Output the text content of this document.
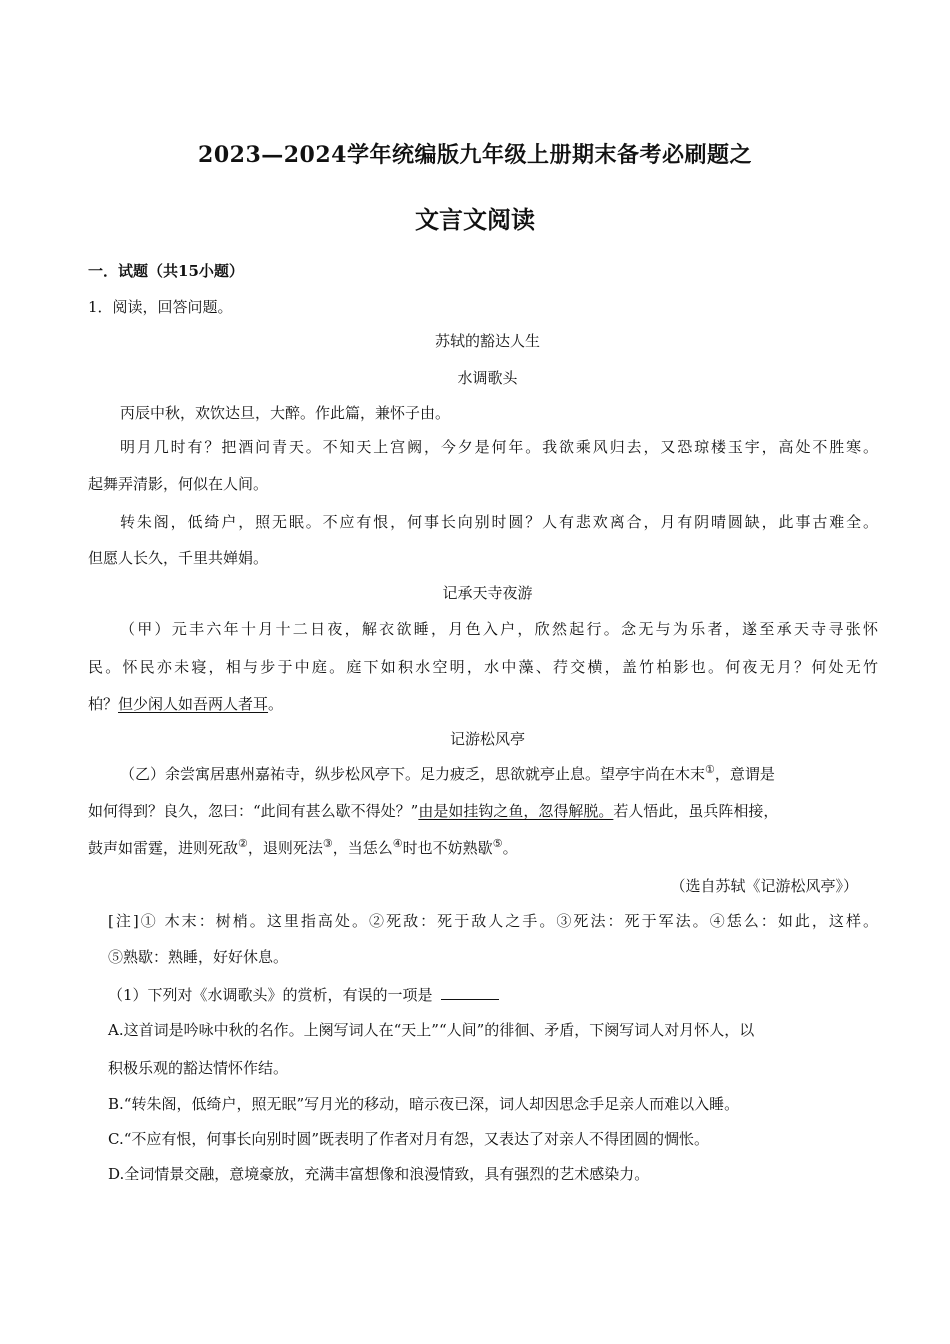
2023—2024学年统编版九年级上册期末备考必刷题之
文言文阅读
一．试题（共15小题）
1．阅读，回答问题。
苏轼的豁达人生
水调歌头
丙辰中秋，欢饮达旦，大醉。作此篇，兼怀子由。
明月几时有？把酒问青天。不知天上宫阙，今夕是何年。我欲乘风归去，又恐琼楼玉宇，高处不胜寒。
起舞弄清影，何似在人间。
转朱阁，低绮户，照无眠。不应有恨，何事长向别时圆？人有悲欢离合，月有阴晴圆缺，此事古难全。
但愿人长久，千里共婵娟。
记承天寺夜游
（甲）元丰六年十月十二日夜，解衣欲睡，月色入户，欣然起行。念无与为乐者，遂至承天寺寻张怀
民。怀民亦未寝，相与步于中庭。庭下如积水空明，水中藻、荇交横，盖竹柏影也。何夜无月？何处无竹
柏？但少闲人如吾两人者耳。
记游松风亭
（乙）余尝寓居惠州嘉祐寺，纵步松风亭下。足力疲乏，思欲就亭止息。望亭宇尚在木末①，意谓是
如何得到？良久，忽曰：“此间有甚么歇不得处？”由是如挂钩之鱼，忽得解脱。若人悟此，虽兵阵相接，
鼓声如雷霆，进则死敌②，退则死法③，当恁么④时也不妨熟歇⑤。
（选自苏轼《记游松风亭》）
[注]① 木末：树梢。这里指高处。②死敌：死于敌人之手。③死法：死于军法。④恁么：如此，这样。
⑤熟歇：熟睡，好好休息。
（1）下列对《水调歌头》的赏析，有误的一项是
A.这首词是吟咏中秋的名作。上阕写词人在“天上”“人间”的徘徊、矛盾，下阕写词人对月怀人，以
积极乐观的豁达情怀作结。
B.“转朱阁，低绮户，照无眠”写月光的移动，暗示夜已深，词人却因思念手足亲人而难以入睡。
C.“不应有恨，何事长向别时圆”既表明了作者对月有怨，又表达了对亲人不得团圆的惆怅。
D.全词情景交融，意境豪放，充满丰富想像和浪漫情致，具有强烈的艺术感染力。
